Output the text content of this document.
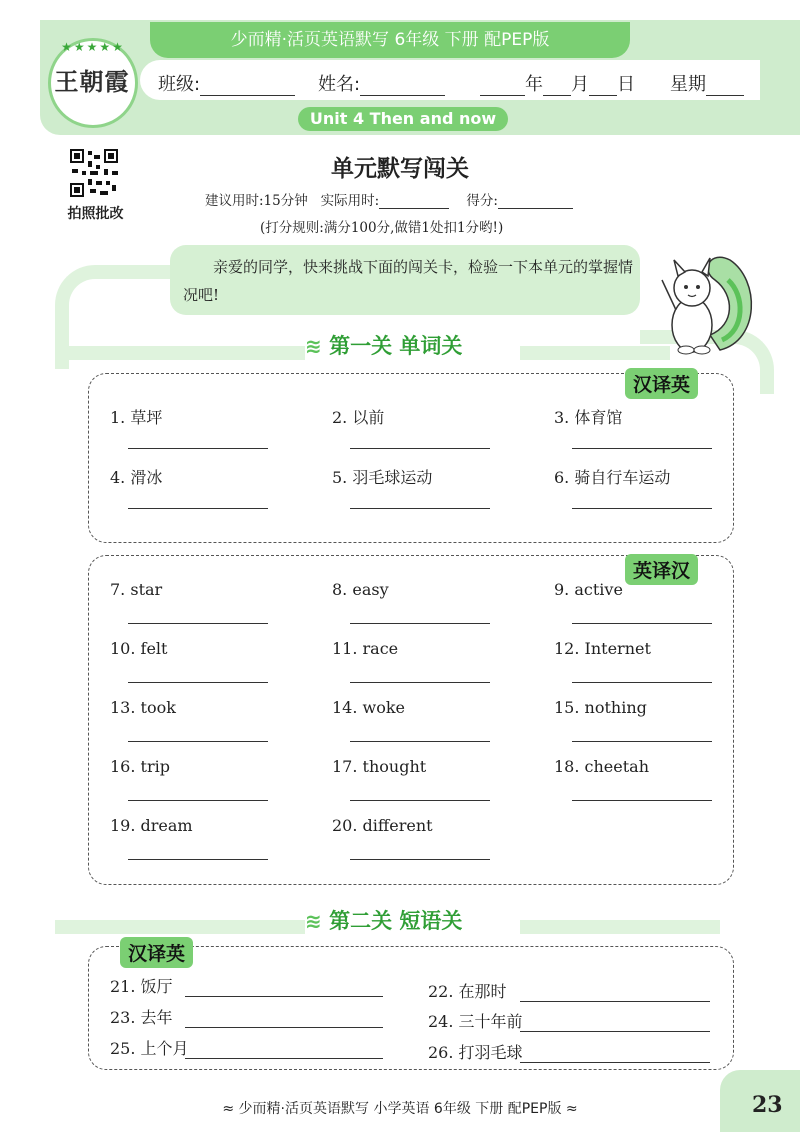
少而精·活页英语默写 6年级 下册 配PEP版
班级:	姓名:	年 月 日 星期
★★★★★
王朝霞
Unit 4 Then and now
拍照批改
单元默写闯关
建议用时:15分钟 实际用时:	得分:
(打分规则:满分100分,做错1处扣1分哟!)
亲爱的同学，快来挑战下面的闯关卡，检验一下本单元的掌握情况吧!
≋ 第一关 单词关
汉译英
1. 草坪	2. 以前	3. 体育馆
4. 滑冰	5. 羽毛球运动	6. 骑自行车运动
英译汉
7. star	8. easy	9. active
10. felt	11. race	12. Internet
13. took	14. woke	15. nothing
16. trip	17. thought	18. cheetah
19. dream	20. different
≋ 第二关 短语关
汉译英
21. 饭厅	22. 在那时
23. 去年	24. 三十年前
25. 上个月	26. 打羽毛球
≈ 少而精·活页英语默写 小学英语 6年级 下册 配PEP版 ≈	23
